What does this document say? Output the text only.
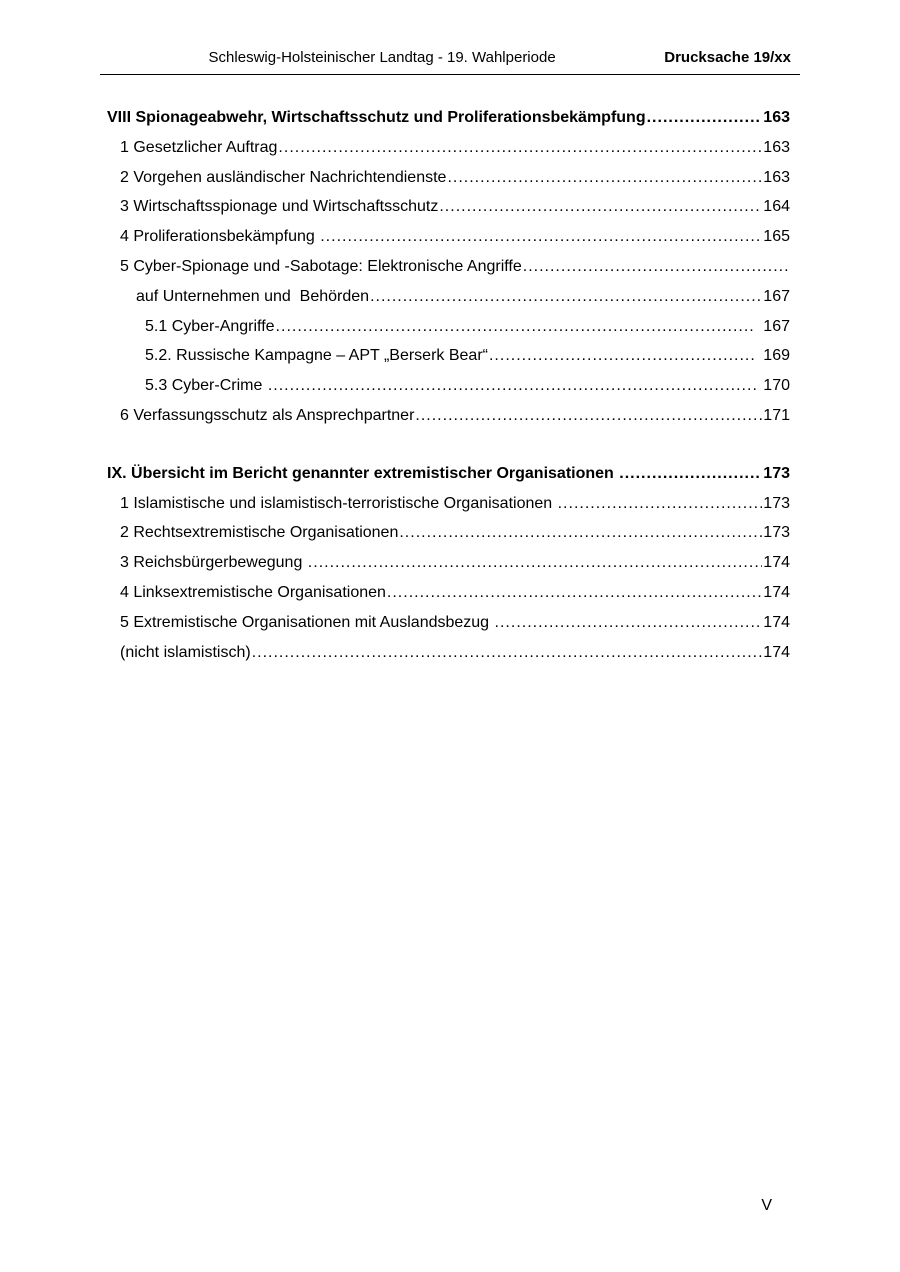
Schleswig-Holsteinischer Landtag - 19. Wahlperiode	Drucksache 19/xx
VIII Spionageabwehr, Wirtschaftsschutz und Proliferationsbekämpfung .....	163
1 Gesetzlicher Auftrag .....	163
2 Vorgehen ausländischer Nachrichtendienste .....	163
3 Wirtschaftsspionage und Wirtschaftsschutz .....	164
4 Proliferationsbekämpfung .....	165
5 Cyber-Spionage und -Sabotage: Elektronische Angriffe
.....
auf Unternehmen und  Behörden .....	167
5.1 Cyber-Angriffe .....	167
5.2. Russische Kampagne – APT „Berserk Bear“ .....	169
5.3 Cyber-Crime .....	170
6 Verfassungsschutz als Ansprechpartner .....	171
IX. Übersicht im Bericht genannter extremistischer Organisationen .....	173
1 Islamistische und islamistisch-terroristische Organisationen .....	173
2 Rechtsextremistische Organisationen .....	173
3 Reichsbürgerbewegung .....	174
4 Linksextremistische Organisationen .....	174
5 Extremistische Organisationen mit Auslandsbezug .....	174
(nicht islamistisch) .....	174
V
